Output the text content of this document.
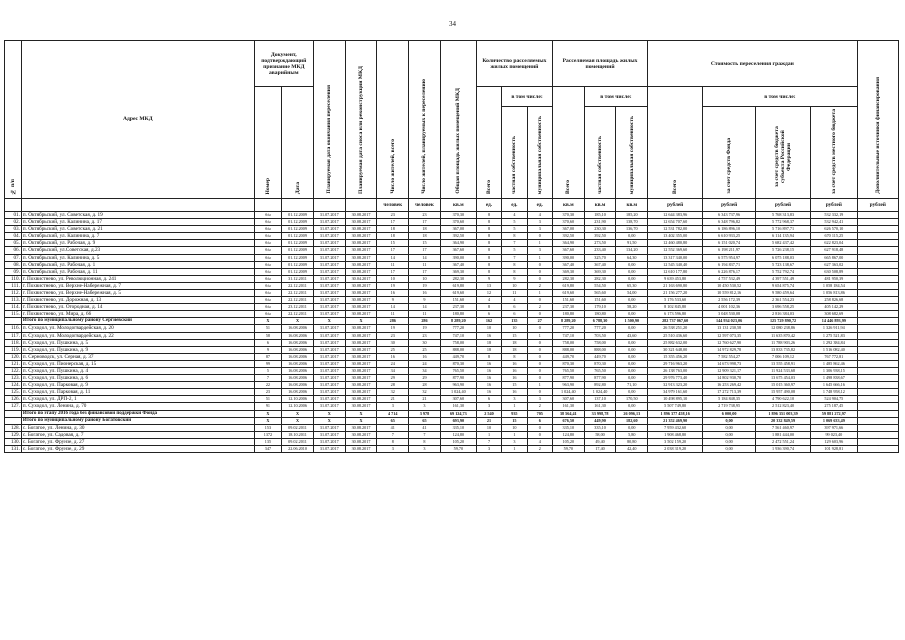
34
№ п/п	Адрес МКД	Документ, подтверждающий признание МКД аварийным		Планируемая дата окончания переселения	Планируемая дата сноса или реконструкции МКД	Число жителей, всего	Число жителей, планируемых к переселению	Общая площадь жилых помещений МКД	Количество расселяемых жилых помещений			Расселяемая площадь жилых помещений			Стоимость переселения граждан				Дополнительные источники финансирования
		Номер	Дата						Всего	в том числе:		Всего	в том числе:		Всего	в том числе:			
										частная собственность	муниципальная собственность		частная собственность	муниципальная собственность		за счет средств Фонда	за счет средств бюджета субъекта Российской Федерации	за счет средств местного бюджета	
						человек	человек	кв.м	ед.	ед.	ед.	кв.м	кв.м	кв.м	рублей	рублей	рублей	рублей	рублей
01.	п. Октябрьский, ул. Советская, д. 19	б/н	01.12.2009	31.07.2017	30.08.2017	23	23	370,30	8	4	4	370,30	185,10	185,20	12 644 383,96	6 343 737,96	5 768 313,83	532 332,19	
02.	п. Октябрьский, ул. Калинина, д. 17	б/н	01.12.2009	31.07.2017	30.08.2017	17	17	370,60	8	5	3	370,60	231,90	138,70	12 654 707,60	6 348 796,82	5 772 968,37	532 942,41	
03.	п. Октябрьский, ул. Советская, д. 21	б/н	01.12.2009	31.07.2017	30.08.2017	18	18	367,00	8	5	3	367,00	230,30	136,70	12 531 782,00	6 186 896,10	5 716 897,71	626 570,10	
04.	п. Октябрьский, ул. Калинина, д. 7	б/н	01.12.2009	31.07.2017	30.08.2017	18	18	392,50	8	8	0	392,50	392,50	0,00	13 402 355,00	6 610 933,25	6 114 135,94	670 115,25	
05.	п. Октябрьский, ул. Рабочая, д. 9	б/н	01.12.2009	31.07.2017	30.08.2017	15	15	364,90	8	7	1	364,90	273,50	91,50	12 460 480,80	6 151 020,74	5 682 437,42	622 823,04	
06.	п. Октябрьский, ул.Советская, д.23	б/н	01.12.2009	31.07.2017	30.08.2017	17	17	367,60	8	5	3	367,60	233,40	134,20	12 552 369,60	6 198 211,97	5 726 238,15	627 918,48	
07.	п. Октябрьский, ул. Калинина, д. 5	б/н	01.12.2009	31.07.2017	30.08.2017	14	14	390,00	8	7	1	390,00	325,70	64,30	13 317 340,00	6 575 954,97	6 075 188,03	665 867,00	
08.	п. Октябрьский, ул. Рабочая, д. 1	б/н	01.12.2009	31.07.2017	30.08.2017	11	11	367,40	8	8	0	367,40	367,40	0,00	12 545 340,40	6 194 837,71	5 723 138,67	627 363,02	
09.	п. Октябрьский, ул. Рабочая, д. 11	б/н	01.12.2009	31.07.2017	30.08.2017	17	17	369,30	8	8	0	369,30	369,30	0,00	12 610 177,80	6 226 876,17	5 752 792,74	630 508,89	
110.	г. Похвистнево, ул. Революционная, д. 241	б/н	31.12.2011	31.07.2017	30.04.2017	10	10	282,30	9	9	0	282,30	282,30	0,00	9 639 453,80	4 757 532,49	4 397 551,49	481 950,39	
111.	г. Похвистнево, ул. Верхне-Набережная, д. 7	б/н	22.12.2011	31.07.2017	30.08.2017	19	19	619,80	13	10	2	619,80	554,50	65,30	21 163 690,80	10 450 530,52	9 654 875,74	1 058 184,54	
112.	г. Похвистнево, ул. Верхне-Набережная, д. 5	б/н	22.12.2011	31.07.2017	30.08.2017	16	16	619,60	12	11	1	619,60	565,60	54,00	21 156 277,20	10 559 812,16	9 580 459,64	1 056 813,86	
113.	г. Похвистнево, ул. Дорожная, д. 13	б/н	22.12.2011	31.07.2017	30.08.2017	9	9	151,60	4	4	0	151,60	151,60	0,00	5 176 533,60	2 556 172,39	2 361 554,23	258 826,68	
114.	г. Похвистнево, ул. Огородная, д. 14	б/н	23.12.2011	31.07.2017	30.08.2017	14	14	237,30	8	6	2	237,30	179,10	58,20	8 102 845,80	4 001 102,36	3 696 558,25	405 142,29	
115.	г. Похвистнево, ул. Мира, д. 66	б/н	22.12.2011	31.07.2017	30.08.2017	11	11	180,80	6	6	0	180,80	180,80	0,00	6 173 596,80	3 048 530,08	2 816 384,03	308 682,69	
	Итого по муниципальному району Сергиевский	X	X	X	X	286	286	8 289,20	162	135	27	8 289,20	6 788,30	1 500,90	282 737 067,60	144 934 023,06	125 729 890,72	14 446 893,99	
116.	п. Суходол, ул. Молодогвардейская, д. 20	51	16.08.2006	31.07.2017	30.08.2017	19	19	777,20	10	10	0	777,20	777,20	0,00	26 538 251,20	13 131 230,58	12 080 238,86	1 326 911,94	
117.	п. Суходол, ул. Молодогвардейская, д. 22	58	16.08.2006	31.07.2017	30.08.2017	23	23	747,10	16	15	1	747,10	703,50	43,60	25 510 436,60	12 597 073,35	11 635 870,42	1 275 521,83	
118.	п. Суходол, ул. Пушкина, д. 5	6	16.08.2006	31.07.2017	30.08.2017	30	30	758,00	18	18	0	758,00	758,00	0,00	25 882 632,00	12 760 627,90	11 788 903,26	1 292 384,84	
119.	п. Суходол, ул. Пушкина, д. 9	9	16.08.2006	31.07.2017	30.08.2017	25	25	888,00	18	18	0	888,00	888,00	0,00	30 321 648,00	14 972 829,78	13 833 735,82	1 516 082,40	
120.	п. Серноводск, ул. Серная, д. 37	87	16.08.2006	31.07.2017	30.08.2017	16	16	449,70	8	8	0	449,70	449,70	0,00	15 355 456,20	7 582 554,27	7 006 109,12	767 772,81	
121.	п. Суходол, ул. Пионерская, д. 15	99	16.08.2006	31.07.2017	30.08.2017	24	24	870,30	16	16	0	870,30	870,30	0,00	29 716 963,20	14 673 998,73	13 555 458,91	1 485 862,46	
122.	п. Суходол, ул. Пушкина, д. 4	5	16.08.2006	31.07.2017	30.08.2017	34	34	765,50	16	16	0	765,50	765,50	0,00	26 138 763,00	12 909 321,17	11 924 533,68	1 306 938,15	
123.	п. Суходол, ул. Пушкина, д. 6	7	16.08.2006	31.07.2017	30.08.2017	29	29	877,90	16	16	0	877,90	877,90	0,00	29 976 773,40	14 802 930,70	13 675 454,03	1 498 838,67	
124.	п. Суходол, ул. Парковая, д. 9	22	16.08.2006	31.07.2017	30.08.2017	28	28	963,90	16	15	1	963,90	892,80	71,10	32 913 323,20	16 253 269,42	15 015 360,97	1 645 666,16	
125.	п. Суходол, ул. Парковая, д. 11	23	16.08.2006	31.07.2017	30.08.2017	32	32	1 024,40	16	16	0	1 024,40	1 024,40	0,00	34 979 161,60	17 272 713,39	15 957 490,08	1 748 958,12	
126.	п. Суходол, ул. ДРП-2, 1	51	12.10.2006	31.07.2017	30.08.2017	21	21	307,60	6	3	3	307,60	137,10	170,50	10 498 895,10	5 184 848,35	4 790 622,10	524 904,75	
127.	п. Суходол, ул. Ленина, д. 70	91	12.10.2006	31.07.2017	30.08.2017	3	3	161,30	3	1	2	161,30	161,30	0,00	5 507 749,80	2 719 738,95	2 512 823,40	275 187,45	
	Итого по этапу 2016 года без финансовой поддержки Фонда	X	X	X	X	4 714	3 978	69 124,73	2 540	935	705	38 564,41	33 998,78	26 096,13	1 896 377 458,16	6 000,00	1 896 351 003,39	59 881 272,97	
	Итого по муниципальному району Богатовский	X	X	X	X	65	65	693,90	21	15	6	676,50	449,90	182,60	21 352 469,90	0,00	20 332 849,59	1 069 633,49	
128.	с. Богатое, ул. Ленина, д. 30	153	09.02.2011	31.07.2017	30.08.2017	41	41	335,10	10	10	0	335,10	335,10	0,00	7 959 432,60	0,00	7 561 460,97	397 971,66	
129.	с. Богатое, ул. Садовая, д. 7	1372	18.10.2011	31.07.2017	30.08.2017	7	7	124,80	1	1	0	124,80	58,00	5,80	1 908 468,80	0,00	1 881 444,00	99 023,40	
130.	с. Богатое, ул. Фрунзе, д. 27	135	09.02.2011	31.07.2017	30.08.2017	8	8	105,20	7	3	4	105,20	49,40	80,80	3 502 159,20	0,00	2 472 551,24	129 603,96	
131.	с. Богатое, ул. Фрунзе, д. 29	347	22.06.2010	31.07.2017	30.08.2017	3	3	59,70	3	1	2	59,70	17,40	42,40	2 038 319,20	0,00	1 936 390,74	101 928,81	
